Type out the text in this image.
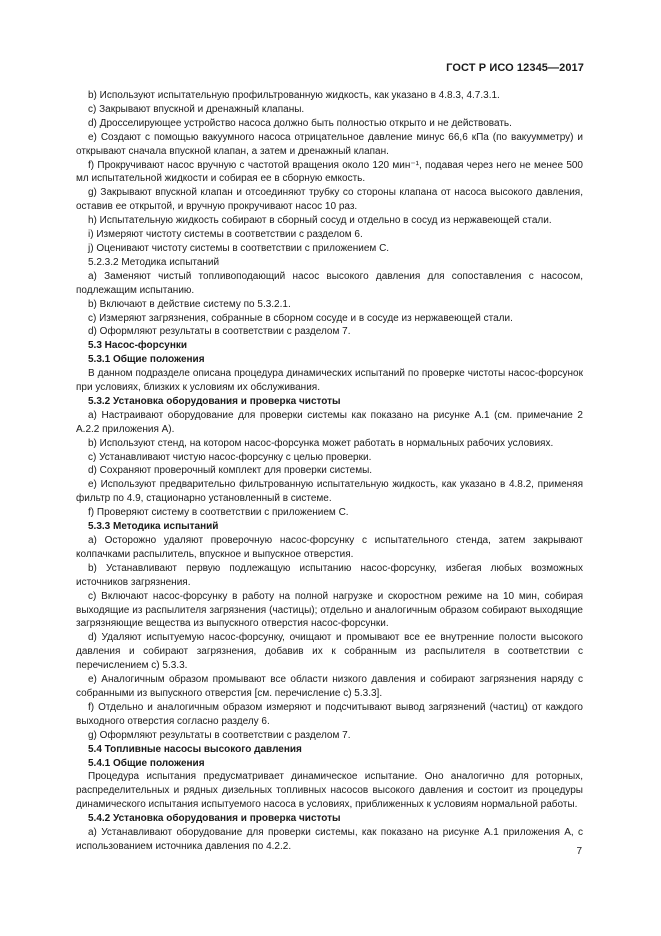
ГОСТ Р ИСО 12345—2017

b) Используют испытательную профильтрованную жидкость, как указано в 4.8.3, 4.7.3.1.

c) Закрывают впускной и дренажный клапаны.

d) Дросселирующее устройство насоса должно быть полностью открыто и не действовать.

e) Создают с помощью вакуумного насоса отрицательное давление минус 66,6 кПа (по вакуумметру) и открывают сначала впускной клапан, а затем и дренажный клапан.

f) Прокручивают насос вручную с частотой вращения около 120 мин⁻¹, подавая через него не менее 500 мл испытательной жидкости и собирая ее в сборную емкость.

g) Закрывают впускной клапан и отсоединяют трубку со стороны клапана от насоса высокого давления, оставив ее открытой, и вручную прокручивают насос 10 раз.

h) Испытательную жидкость собирают в сборный сосуд и отдельно в сосуд из нержавеющей стали.

i) Измеряют чистоту системы в соответствии с разделом 6.

j) Оценивают чистоту системы в соответствии с приложением C.

5.2.3.2 Методика испытаний

a) Заменяют чистый топливоподающий насос высокого давления для сопоставления с насосом, подлежащим испытанию.

b) Включают в действие систему по 5.3.2.1.

c) Измеряют загрязнения, собранные в сборном сосуде и в сосуде из нержавеющей стали.

d) Оформляют результаты в соответствии с разделом 7.

5.3 Насос-форсунки

5.3.1 Общие положения

В данном подразделе описана процедура динамических испытаний по проверке чистоты насос-форсунок при условиях, близких к условиям их обслуживания.

5.3.2 Установка оборудования и проверка чистоты

a) Настраивают оборудование для проверки системы как показано на рисунке A.1 (см. примечание 2 A.2.2 приложения A).

b) Используют стенд, на котором насос-форсунка может работать в нормальных рабочих условиях.

c) Устанавливают чистую насос-форсунку с целью проверки.

d) Сохраняют проверочный комплект для проверки системы.

e) Используют предварительно фильтрованную испытательную жидкость, как указано в 4.8.2, применяя фильтр по 4.9, стационарно установленный в системе.

f) Проверяют систему в соответствии с приложением C.

5.3.3 Методика испытаний

a) Осторожно удаляют проверочную насос-форсунку с испытательного стенда, затем закрывают колпачками распылитель, впускное и выпускное отверстия.

b) Устанавливают первую подлежащую испытанию насос-форсунку, избегая любых возможных источников загрязнения.

c) Включают насос-форсунку в работу на полной нагрузке и скоростном режиме на 10 мин, собирая выходящие из распылителя загрязнения (частицы); отдельно и аналогичным образом собирают выходящие загрязняющие вещества из выпускного отверстия насос-форсунки.

d) Удаляют испытуемую насос-форсунку, очищают и промывают все ее внутренние полости высокого давления и собирают загрязнения, добавив их к собранным из распылителя в соответствии с перечислением c) 5.3.3.

e) Аналогичным образом промывают все области низкого давления и собирают загрязнения наряду с собранными из выпускного отверстия [см. перечисление c) 5.3.3].

f) Отдельно и аналогичным образом измеряют и подсчитывают вывод загрязнений (частиц) от каждого выходного отверстия согласно разделу 6.

g) Оформляют результаты в соответствии с разделом 7.

5.4 Топливные насосы высокого давления

5.4.1 Общие положения

Процедура испытания предусматривает динамическое испытание. Оно аналогично для роторных, распределительных и рядных дизельных топливных насосов высокого давления и состоит из процедуры динамического испытания испытуемого насоса в условиях, приближенных к условиям нормальной работы.

5.4.2 Установка оборудования и проверка чистоты

a) Устанавливают оборудование для проверки системы, как показано на рисунке A.1 приложения A, с использованием источника давления по 4.2.2.	7
